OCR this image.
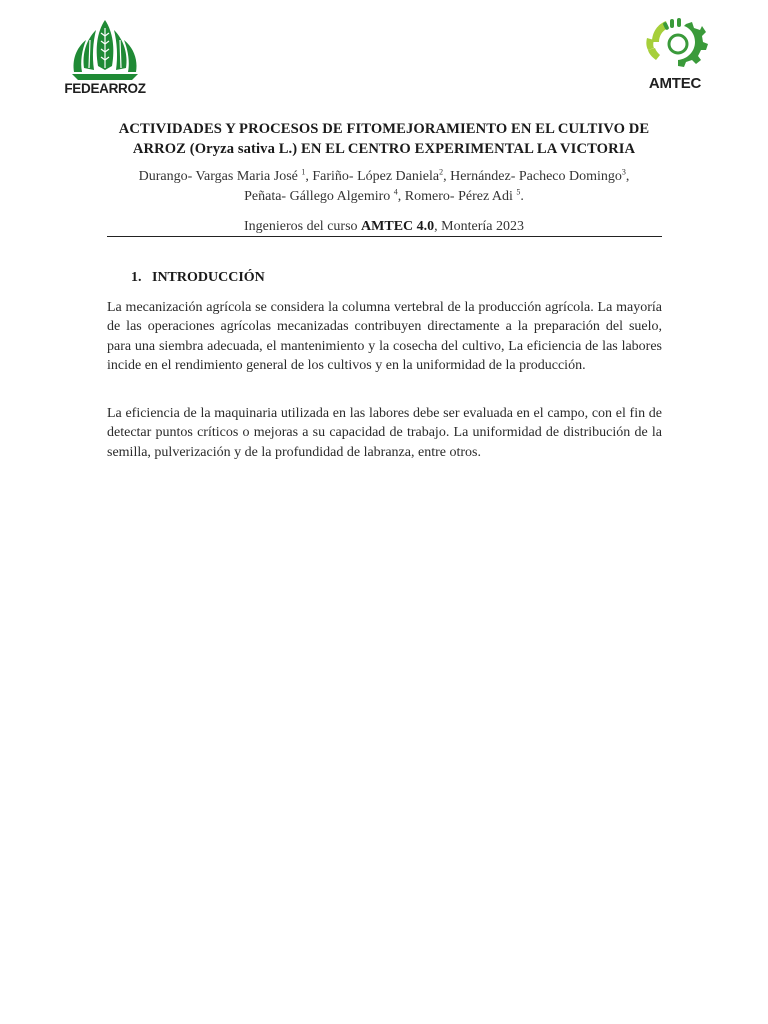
FEDEARROZ	AMTEC
ACTIVIDADES Y PROCESOS DE FITOMEJORAMIENTO EN EL CULTIVO DE
ARROZ (Oryza sativa L.) EN EL CENTRO EXPERIMENTAL LA VICTORIA
Durango- Vargas Maria José $^1$, Fariño- López Daniela$^2$, Hernández- Pacheco Domingo$^3$,
Peñata- Gállego Algemiro $^4$, Romero- Pérez Adi $^5$.
Ingenieros del curso AMTEC 4.0, Montería 2023
1. INTRODUCCIÓN

La mecanización agrícola se considera la columna vertebral de la producción agrícola. La mayoría de las operaciones agrícolas mecanizadas contribuyen directamente a la preparación del suelo, para una siembra adecuada, el mantenimiento y la cosecha del cultivo, La eficiencia de las labores incide en el rendimiento general de los cultivos y en la uniformidad de la producción.

La eficiencia de la maquinaria utilizada en las labores debe ser evaluada en el campo, con el fin de detectar puntos críticos o mejoras a su capacidad de trabajo. La uniformidad de distribución de la semilla, pulverización y de la profundidad de labranza, entre otros.
